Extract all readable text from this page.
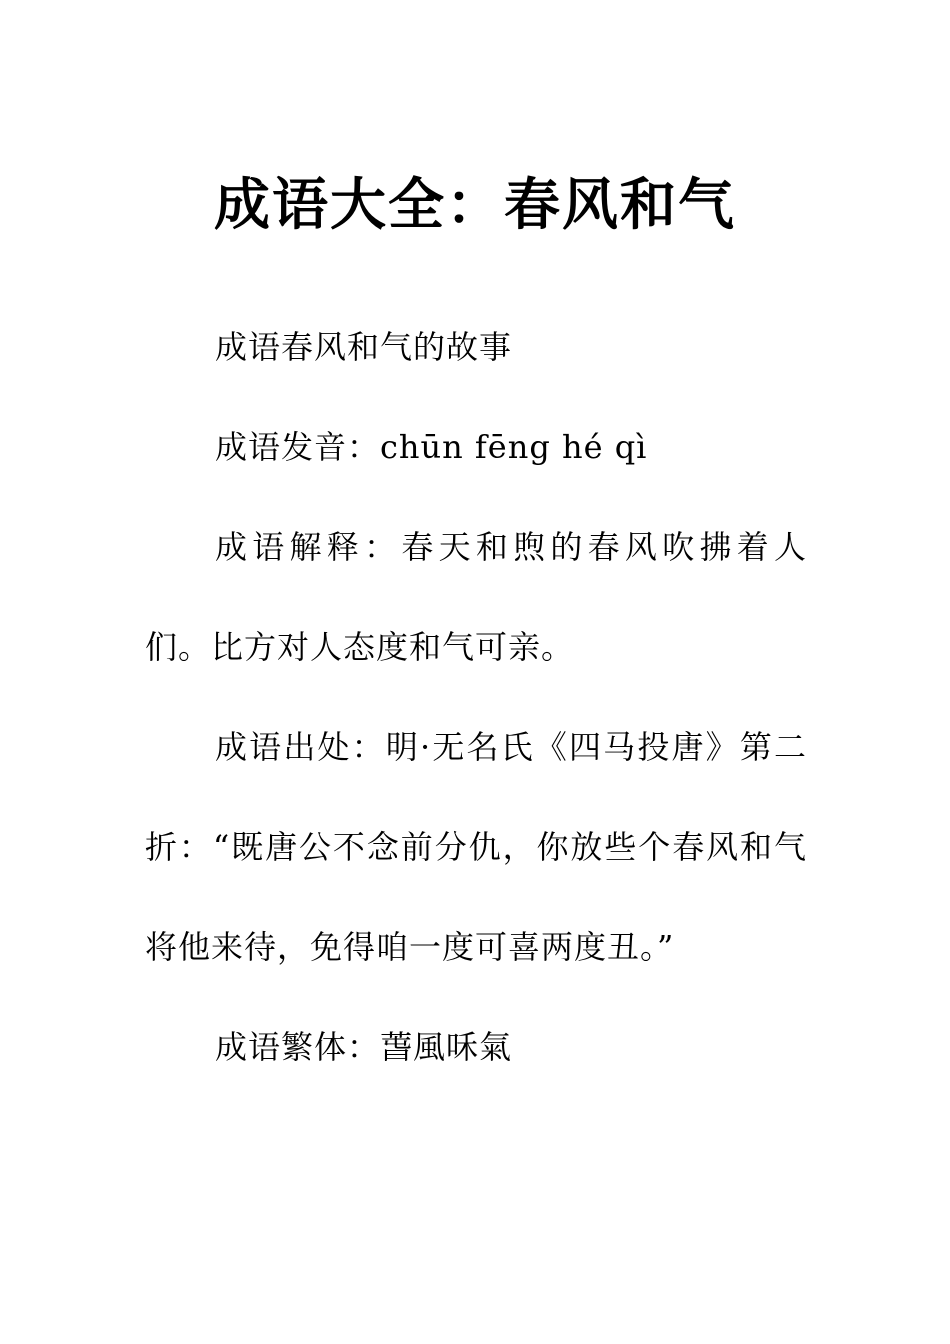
成语大全：春风和气

成语春风和气的故事

成语发音：chūn fēng hé qì

成语解释：春天和煦的春风吹拂着人们。比方对人态度和气可亲。

成语出处：明·无名氏《四马投唐》第二折：“既唐公不念前分仇，你放些个春风和气将他来待，免得咱一度可喜两度丑。”

成语繁体：萅風咊氣
